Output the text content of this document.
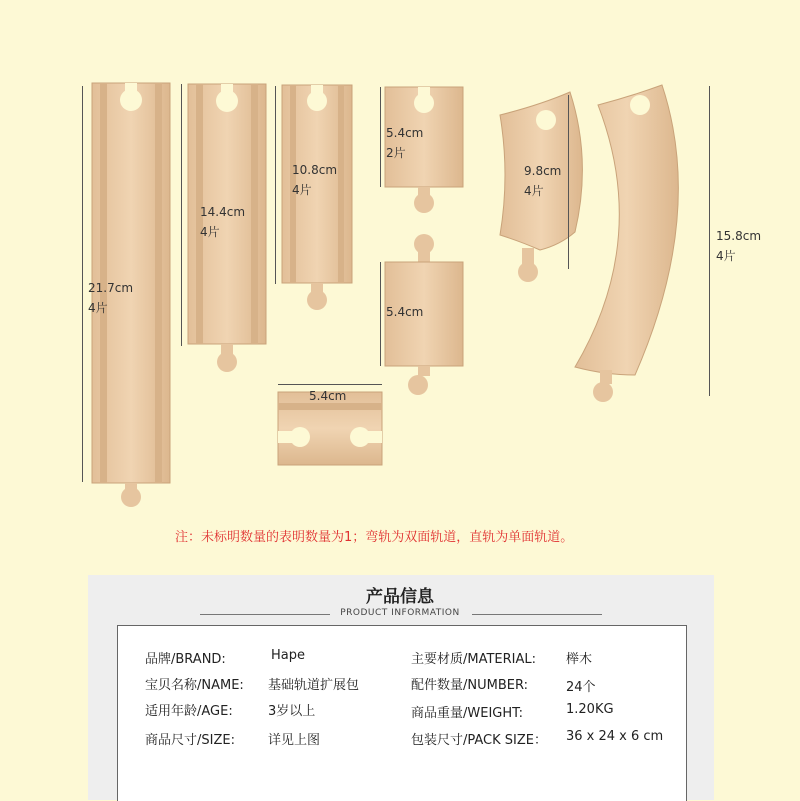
21.7cm
4片
14.4cm
4片
10.8cm
4片
5.4cm
2片
5.4cm
5.4cm
9.8cm
4片
15.8cm
4片
注：未标明数量的表明数量为1；弯轨为双面轨道，直轨为单面轨道。
产品信息
PRODUCT INFORMATION
品牌/BRAND:	Hape	主要材质/MATERIAL: 榉木
宝贝名称/NAME: 基础轨道扩展包	配件数量/NUMBER:	24个
适用年龄/AGE:	3岁以上	商品重量/WEIGHT:	1.20KG
商品尺寸/SIZE:	详见上图	包装尺寸/PACK SIZE： 36 x 24 x 6 cm
